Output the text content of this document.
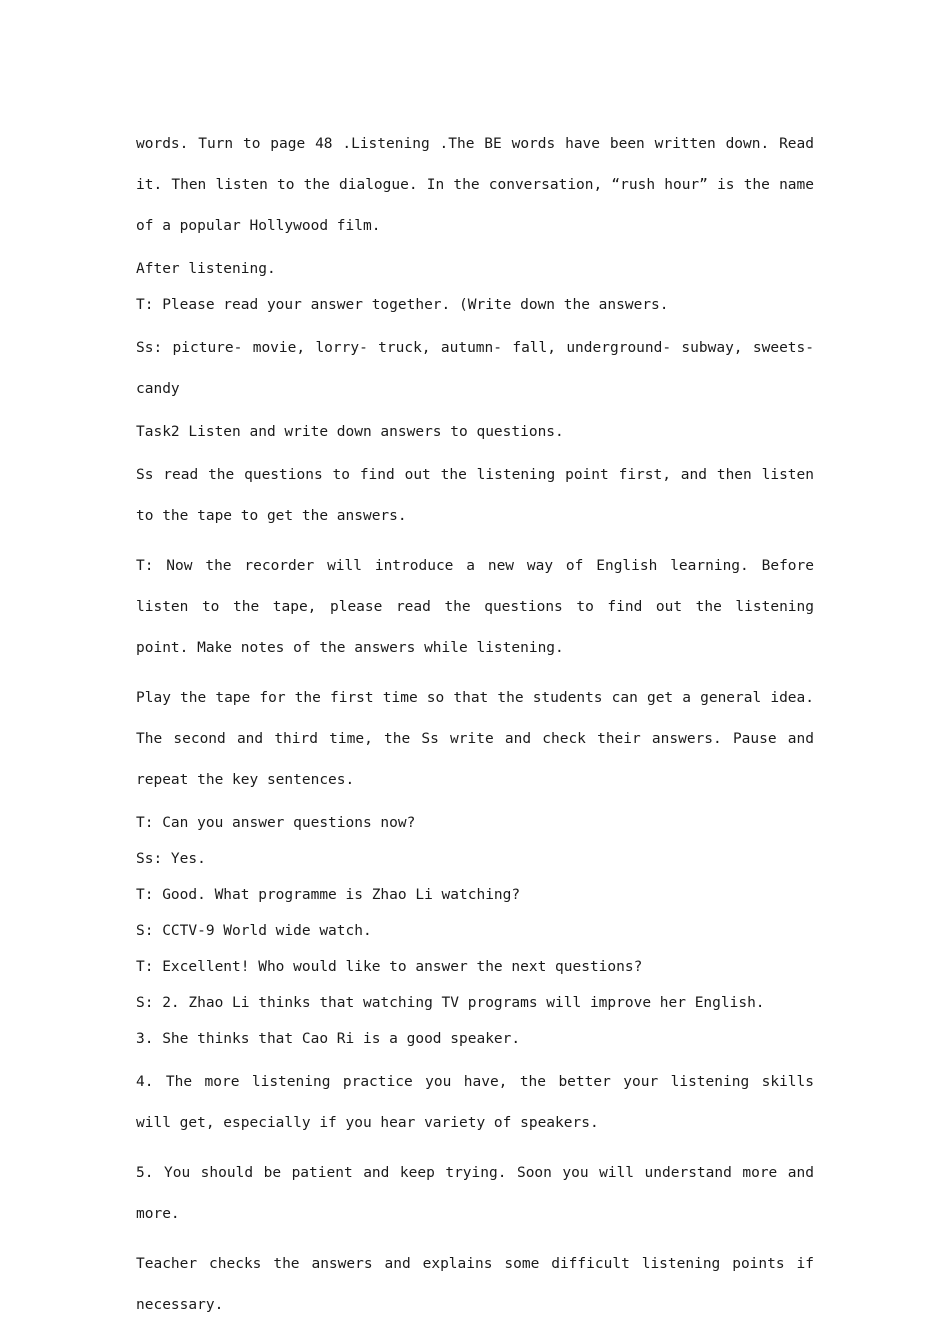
words. Turn to page 48 .Listening .The BE words have been written down. Read it. Then listen to the dialogue. In the conversation, “rush hour” is the name of a popular Hollywood film.

After listening.

T: Please read your answer together. (Write down the answers.

Ss: picture- movie, lorry- truck, autumn- fall, underground- subway, sweets- candy

Task2 Listen and write down answers to questions.

Ss read the questions to find out the listening point first, and then listen to the tape to get the answers.

T: Now the recorder will introduce a new way of English learning. Before listen to the tape, please read the questions to find out the listening point. Make notes of the answers while listening.

Play the tape for the first time so that the students can get a general idea. The second and third time, the Ss write and check their answers. Pause and repeat the key sentences.

T: Can you answer questions now?

Ss: Yes.

T: Good. What programme is Zhao Li watching?

S: CCTV-9 World wide watch.

T: Excellent! Who would like to answer the next questions?

S: 2. Zhao Li thinks that watching TV programs will improve her English.

3. She thinks that Cao Ri is a good speaker.

4. The more listening practice you have, the better your listening skills will get, especially if you hear variety of speakers.

5. You should be patient and keep trying. Soon you will understand more and more.

Teacher checks the answers and explains some difficult listening points if necessary.
